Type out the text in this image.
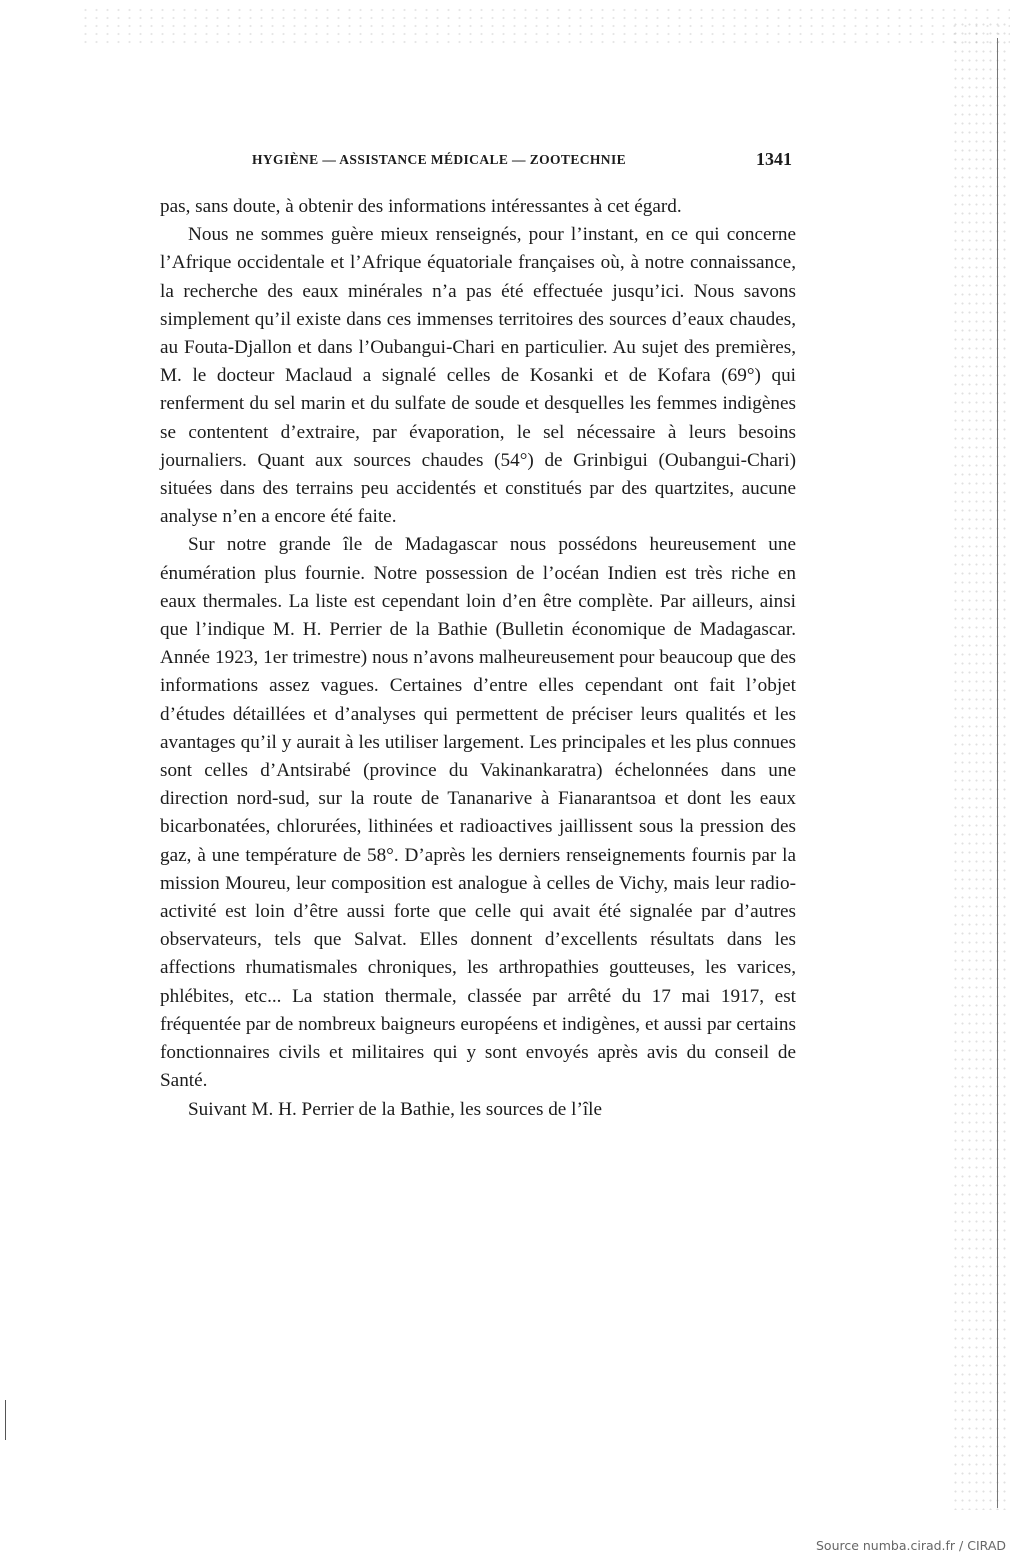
HYGIÈNE — ASSISTANCE MÉDICALE — ZOOTECHNIE	1341

pas, sans doute, à obtenir des informations intéressantes à cet égard.

Nous ne sommes guère mieux renseignés, pour l’instant, en ce qui concerne l’Afrique occidentale et l’Afrique équatoriale françaises où, à notre connaissance, la recherche des eaux minérales n’a pas été effectuée jusqu’ici. Nous savons simplement qu’il existe dans ces immenses territoires des sources d’eaux chaudes, au Fouta-Djallon et dans l’Oubangui-Chari en particulier. Au sujet des premières, M. le docteur Maclaud a signalé celles de Kosanki et de Kofara (69°) qui renferment du sel marin et du sulfate de soude et desquelles les femmes indigènes se contentent d’extraire, par évaporation, le sel nécessaire à leurs besoins journaliers. Quant aux sources chaudes (54°) de Grinbigui (Oubangui-Chari) situées dans des terrains peu accidentés et constitués par des quartzites, aucune analyse n’en a encore été faite.

Sur notre grande île de Madagascar nous possédons heureusement une énumération plus fournie. Notre possession de l’océan Indien est très riche en eaux thermales. La liste est cependant loin d’en être complète. Par ailleurs, ainsi que l’indique M. H. Perrier de la Bathie (Bulletin économique de Madagascar. Année 1923, 1er trimestre) nous n’avons malheureusement pour beaucoup que des informations assez vagues. Certaines d’entre elles cependant ont fait l’objet d’études détaillées et d’analyses qui permettent de préciser leurs qualités et les avantages qu’il y aurait à les utiliser largement. Les principales et les plus connues sont celles d’Antsirabé (province du Vakinankaratra) échelonnées dans une direction nord-sud, sur la route de Tananarive à Fianarantsoa et dont les eaux bicarbonatées, chlorurées, lithinées et radioactives jaillissent sous la pression des gaz, à une température de 58°. D’après les derniers renseignements fournis par la mission Moureu, leur composition est analogue à celles de Vichy, mais leur radio-activité est loin d’être aussi forte que celle qui avait été signalée par d’autres observateurs, tels que Salvat. Elles donnent d’excellents résultats dans les affections rhumatismales chroniques, les arthropathies goutteuses, les varices, phlébites, etc... La station thermale, classée par arrêté du 17 mai 1917, est fréquentée par de nombreux baigneurs européens et indigènes, et aussi par certains fonctionnaires civils et militaires qui y sont envoyés après avis du conseil de Santé.

Suivant M. H. Perrier de la Bathie, les sources de l’île

Source numba.cirad.fr / CIRAD
